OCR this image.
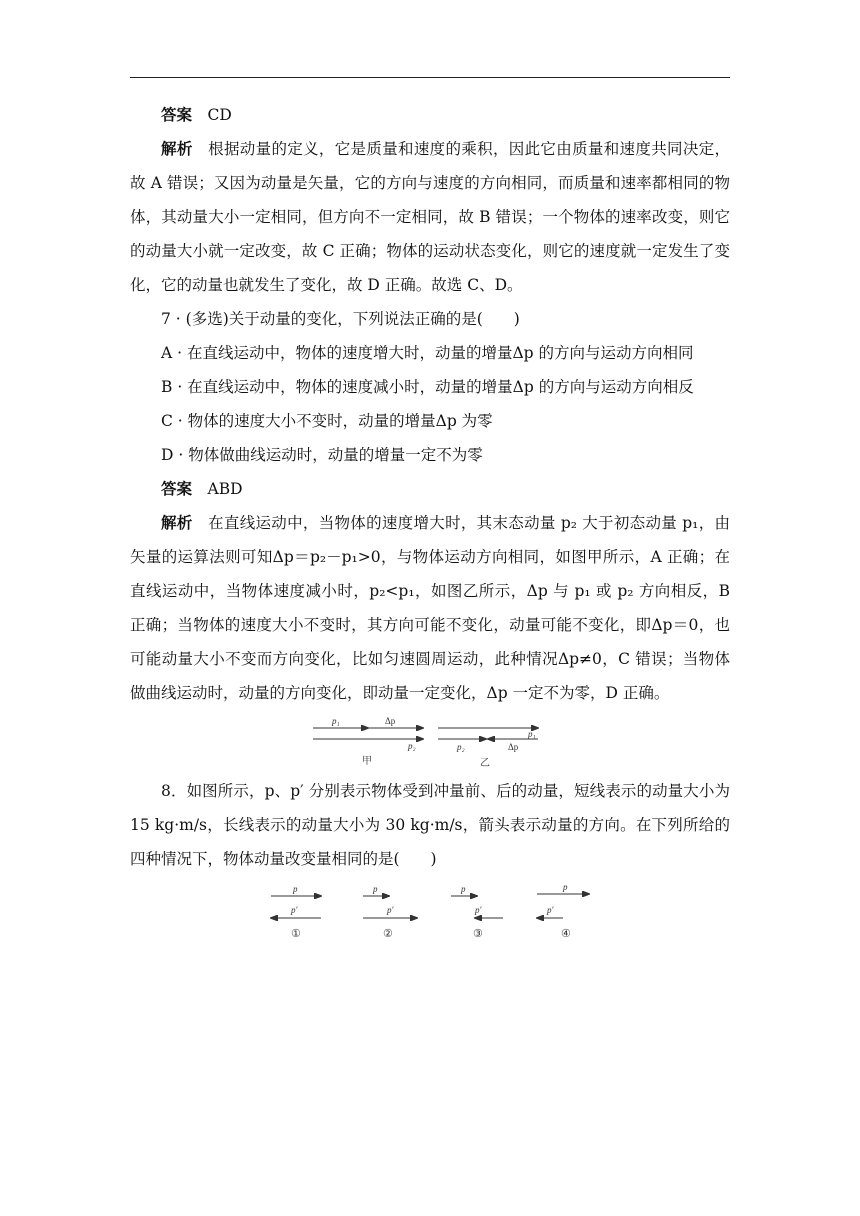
答案 CD

解析 根据动量的定义，它是质量和速度的乘积，因此它由质量和速度共同决定，故 A 错误；又因为动量是矢量，它的方向与速度的方向相同，而质量和速率都相同的物体，其动量大小一定相同，但方向不一定相同，故 B 错误；一个物体的速率改变，则它的动量大小就一定改变，故 C 正确；物体的运动状态变化，则它的速度就一定发生了变化，它的动量也就发生了变化，故 D 正确。故选 C、D。

7 · (多选)关于动量的变化，下列说法正确的是(　　)

A · 在直线运动中，物体的速度增大时，动量的增量Δp 的方向与运动方向相同

B · 在直线运动中，物体的速度减小时，动量的增量Δp 的方向与运动方向相反

C · 物体的速度大小不变时，动量的增量Δp 为零

D · 物体做曲线运动时，动量的增量一定不为零

答案 ABD

解析 在直线运动中，当物体的速度增大时，其末态动量 p₂ 大于初态动量 p₁，由矢量的运算法则可知Δp＝p₂－p₁>0，与物体运动方向相同，如图甲所示，A 正确；在直线运动中，当物体速度减小时，p₂<p₁，如图乙所示，Δp 与 p₁ 或 p₂ 方向相反，B 正确；当物体的速度大小不变时，其方向可能不变化，动量可能不变化，即Δp＝0，也可能动量大小不变而方向变化，比如匀速圆周运动，此种情况Δp≠0，C 错误；当物体做曲线运动时，动量的方向变化，即动量一定变化，Δp 一定不为零，D 正确。

p₁	Δp
p₂
甲
p₁
p₂	Δp
乙

8．如图所示，p、p′ 分别表示物体受到冲量前、后的动量，短线表示的动量大小为 15 kg·m/s，长线表示的动量大小为 30 kg·m/s，箭头表示动量的方向。在下列所给的四种情况下，物体动量改变量相同的是(　　)

p
p′
①
p
p′
②
p
p′
③
p
p′
④
